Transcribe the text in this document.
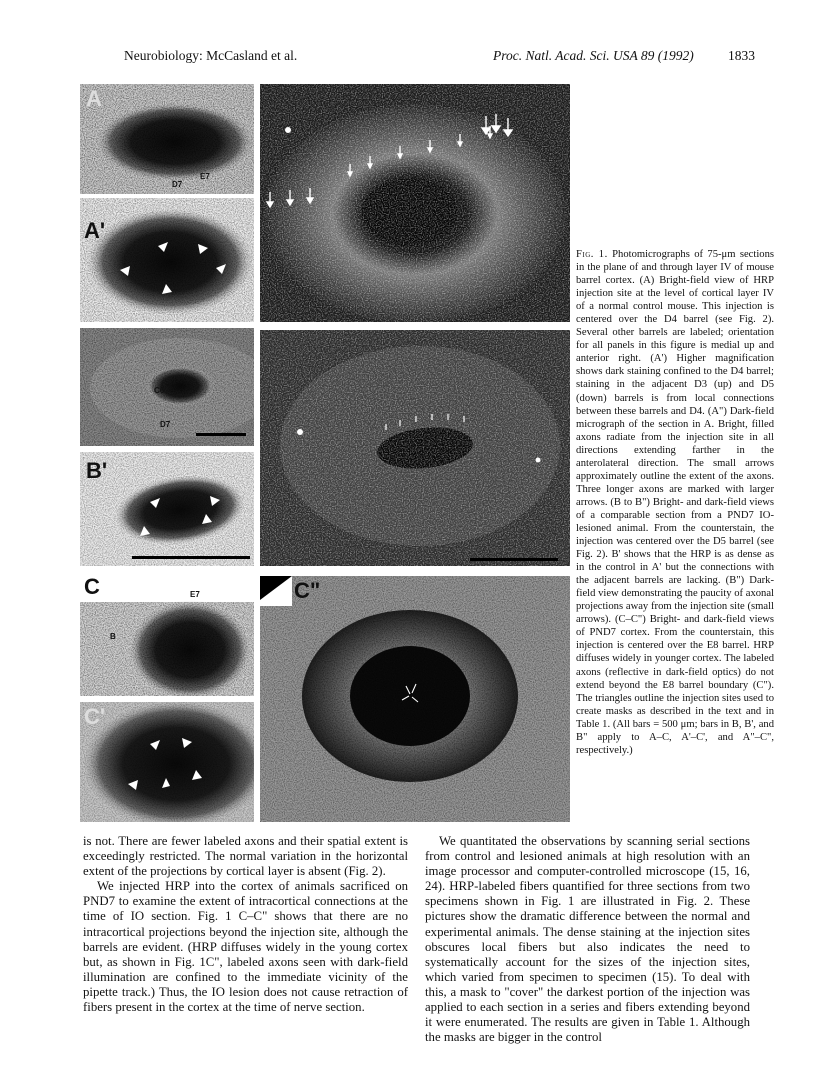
Neurobiology: McCasland et al.	Proc. Natl. Acad. Sci. USA 89 (1992)	1833
A
D7
E7
A'
C6
D7
B'
C	E7
B
C'
C"
Fig. 1. Photomicrographs of 75-μm sections in the plane of and through layer IV of mouse barrel cortex. (A) Bright-field view of HRP injection site at the level of cortical layer IV of a normal control mouse. This injection is centered over the D4 barrel (see Fig. 2). Several other barrels are labeled; orientation for all panels in this figure is medial up and anterior right. (A') Higher magnification shows dark staining confined to the D4 barrel; staining in the adjacent D3 (up) and D5 (down) barrels is from local connections between these barrels and D4. (A") Dark-field micrograph of the section in A. Bright, filled axons radiate from the injection site in all directions extending farther in the anterolateral direction. The small arrows approximately outline the extent of the axons. Three longer axons are marked with larger arrows. (B to B") Bright- and dark-field views of a comparable section from a PND7 IO-lesioned animal. From the counterstain, the injection was centered over the D5 barrel (see Fig. 2). B' shows that the HRP is as dense as in the control in A' but the connections with the adjacent barrels are lacking. (B") Dark-field view demonstrating the paucity of axonal projections away from the injection site (small arrows). (C–C") Bright- and dark-field views of PND7 cortex. From the counterstain, this injection is centered over the E8 barrel. HRP diffuses widely in younger cortex. The labeled axons (reflective in dark-field optics) do not extend beyond the E8 barrel boundary (C"). The triangles outline the injection sites used to create masks as described in the text and in Table 1. (All bars = 500 μm; bars in B, B', and B" apply to A–C, A'–C', and A"–C", respectively.)

is not. There are fewer labeled axons and their spatial extent is exceedingly restricted. The normal variation in the horizontal extent of the projections by cortical layer is absent (Fig. 2).

We injected HRP into the cortex of animals sacrificed on PND7 to examine the extent of intracortical connections at the time of IO section. Fig. 1 C–C" shows that there are no intracortical projections beyond the injection site, although the barrels are evident. (HRP diffuses widely in the young cortex but, as shown in Fig. 1C", labeled axons seen with dark-field illumination are confined to the immediate vicinity of the pipette track.) Thus, the IO lesion does not cause retraction of fibers present in the cortex at the time of nerve section.

We quantitated the observations by scanning serial sections from control and lesioned animals at high resolution with an image processor and computer-controlled microscope (15, 16, 24). HRP-labeled fibers quantified for three sections from two specimens shown in Fig. 1 are illustrated in Fig. 2. These pictures show the dramatic difference between the normal and experimental animals. The dense staining at the injection sites obscures local fibers but also indicates the need to systematically account for the sizes of the injection sites, which varied from specimen to specimen (15). To deal with this, a mask to "cover" the darkest portion of the injection was applied to each section in a series and fibers extending beyond it were enumerated. The results are given in Table 1. Although the masks are bigger in the control
